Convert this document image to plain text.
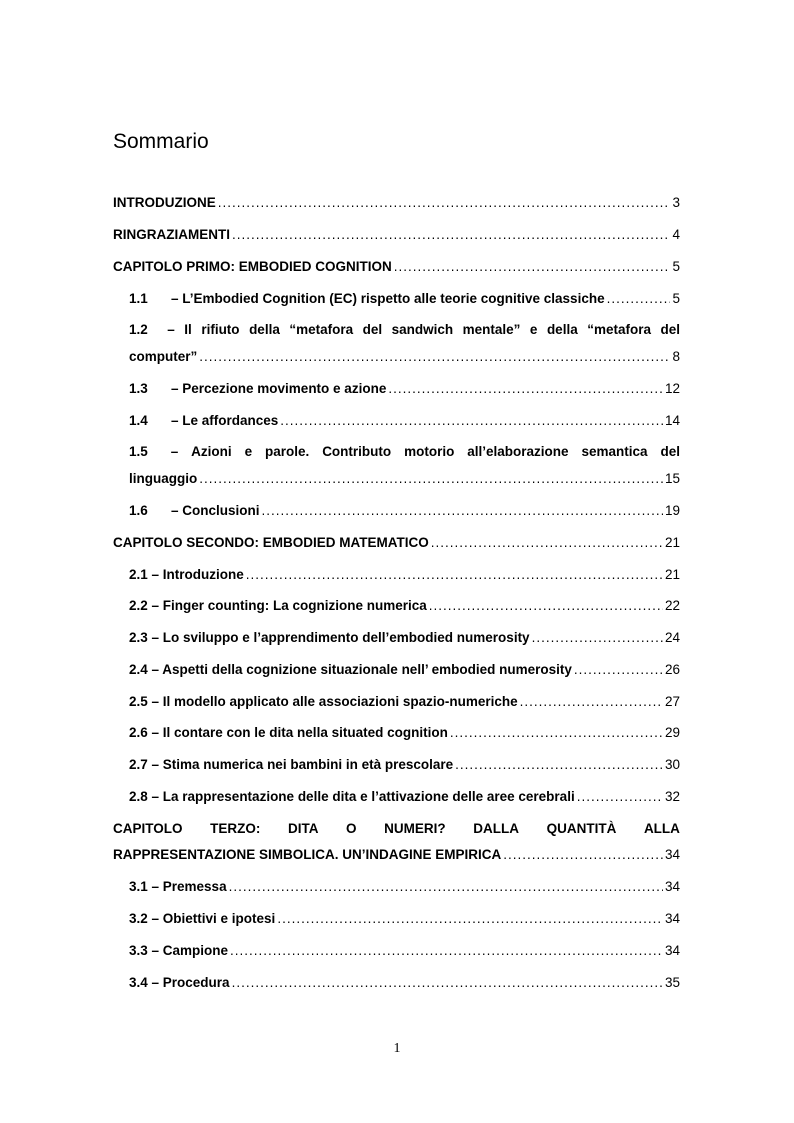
Sommario
INTRODUZIONE .....	3
RINGRAZIAMENTI .....	4
CAPITOLO PRIMO: EMBODIED COGNITION .....	5
1.1	– L’Embodied Cognition (EC) rispetto alle teorie cognitive classiche .....	5
1.2 – Il rifiuto della “metafora del sandwich mentale” e della “metafora del
computer” .....	8
1.3	– Percezione movimento e azione .....	12
1.4	– Le affordances .....	14
1.5 – Azioni e parole. Contributo motorio all’elaborazione semantica del
linguaggio .....	15
1.6	– Conclusioni .....	19
CAPITOLO SECONDO: EMBODIED MATEMATICO .....	21
2.1 – Introduzione .....	21
2.2 – Finger counting: La cognizione numerica .....	22
2.3 – Lo sviluppo e l’apprendimento dell’embodied numerosity .....	24
2.4 – Aspetti della cognizione situazionale nell’ embodied numerosity .....	26
2.5 – Il modello applicato alle associazioni spazio-numeriche .....	27
2.6 – Il contare con le dita nella situated cognition .....	29
2.7 – Stima numerica nei bambini in età prescolare .....	30
2.8 – La rappresentazione delle dita e l’attivazione delle aree cerebrali .....	32
CAPITOLO TERZO: DITA O NUMERI? DALLA QUANTITÀ ALLA
RAPPRESENTAZIONE SIMBOLICA. UN’INDAGINE EMPIRICA .....	34
3.1 – Premessa .....	34
3.2 – Obiettivi e ipotesi .....	34
3.3 – Campione .....	34
3.4 – Procedura .....	35
1
